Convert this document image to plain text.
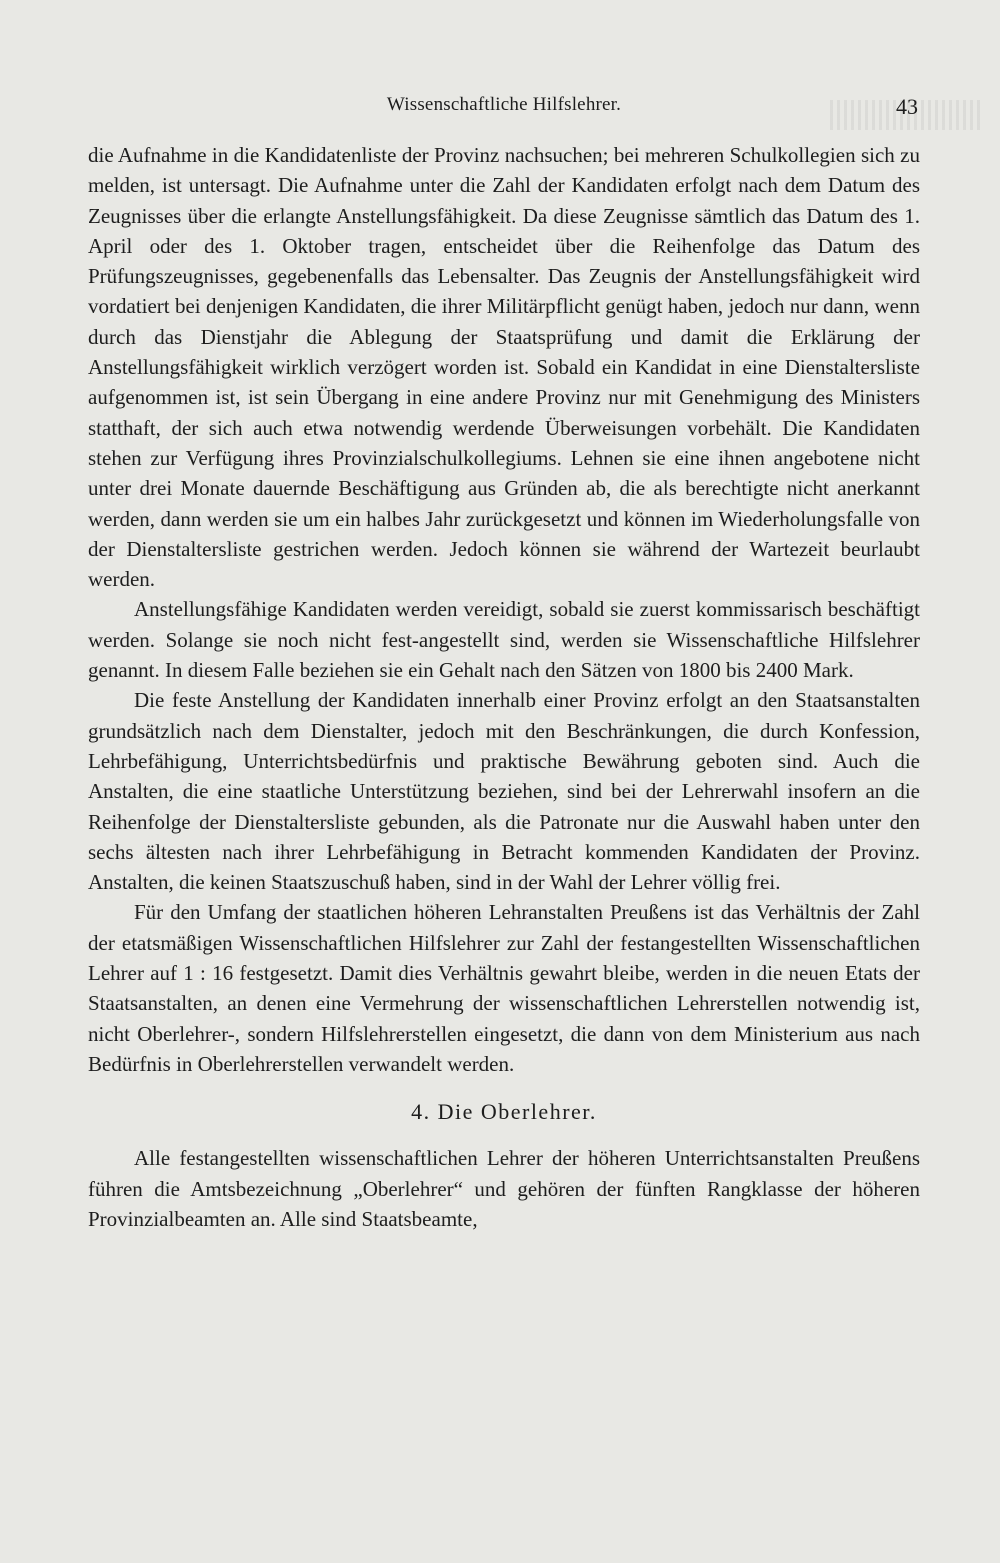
Wissenschaftliche Hilfslehrer.	43

die Aufnahme in die Kandidatenliste der Provinz nachsuchen; bei mehreren Schulkollegien sich zu melden, ist untersagt. Die Aufnahme unter die Zahl der Kandidaten erfolgt nach dem Datum des Zeugnisses über die erlangte Anstellungsfähigkeit. Da diese Zeugnisse sämtlich das Datum des 1. April oder des 1. Oktober tragen, entscheidet über die Reihenfolge das Datum des Prüfungszeugnisses, gegebenenfalls das Lebensalter. Das Zeugnis der Anstellungsfähigkeit wird vordatiert bei denjenigen Kandidaten, die ihrer Militärpflicht genügt haben, jedoch nur dann, wenn durch das Dienstjahr die Ablegung der Staatsprüfung und damit die Erklärung der Anstellungsfähigkeit wirklich verzögert worden ist. Sobald ein Kandidat in eine Dienstaltersliste aufgenommen ist, ist sein Übergang in eine andere Provinz nur mit Genehmigung des Ministers statthaft, der sich auch etwa notwendig werdende Überweisungen vorbehält. Die Kandidaten stehen zur Verfügung ihres Provinzialschulkollegiums. Lehnen sie eine ihnen angebotene nicht unter drei Monate dauernde Beschäftigung aus Gründen ab, die als berechtigte nicht anerkannt werden, dann werden sie um ein halbes Jahr zurückgesetzt und können im Wiederholungsfalle von der Dienstaltersliste gestrichen werden. Jedoch können sie während der Wartezeit beurlaubt werden.

Anstellungsfähige Kandidaten werden vereidigt, sobald sie zuerst kommissarisch beschäftigt werden. Solange sie noch nicht fest-angestellt sind, werden sie Wissenschaftliche Hilfslehrer genannt. In diesem Falle beziehen sie ein Gehalt nach den Sätzen von 1800 bis 2400 Mark.

Die feste Anstellung der Kandidaten innerhalb einer Provinz erfolgt an den Staatsanstalten grundsätzlich nach dem Dienstalter, jedoch mit den Beschränkungen, die durch Konfession, Lehrbefähigung, Unterrichtsbedürfnis und praktische Bewährung geboten sind. Auch die Anstalten, die eine staatliche Unterstützung beziehen, sind bei der Lehrerwahl insofern an die Reihenfolge der Dienstaltersliste gebunden, als die Patronate nur die Auswahl haben unter den sechs ältesten nach ihrer Lehrbefähigung in Betracht kommenden Kandidaten der Provinz. Anstalten, die keinen Staatszuschuß haben, sind in der Wahl der Lehrer völlig frei.

Für den Umfang der staatlichen höheren Lehranstalten Preußens ist das Verhältnis der Zahl der etatsmäßigen Wissenschaftlichen Hilfslehrer zur Zahl der festangestellten Wissenschaftlichen Lehrer auf 1 : 16 festgesetzt. Damit dies Verhältnis gewahrt bleibe, werden in die neuen Etats der Staatsanstalten, an denen eine Vermehrung der wissenschaftlichen Lehrerstellen notwendig ist, nicht Oberlehrer-, sondern Hilfslehrerstellen eingesetzt, die dann von dem Ministerium aus nach Bedürfnis in Oberlehrerstellen verwandelt werden.

4. Die Oberlehrer.

Alle festangestellten wissenschaftlichen Lehrer der höheren Unterrichtsanstalten Preußens führen die Amtsbezeichnung „Oberlehrer“ und gehören der fünften Rangklasse der höheren Provinzialbeamten an. Alle sind Staatsbeamte,
